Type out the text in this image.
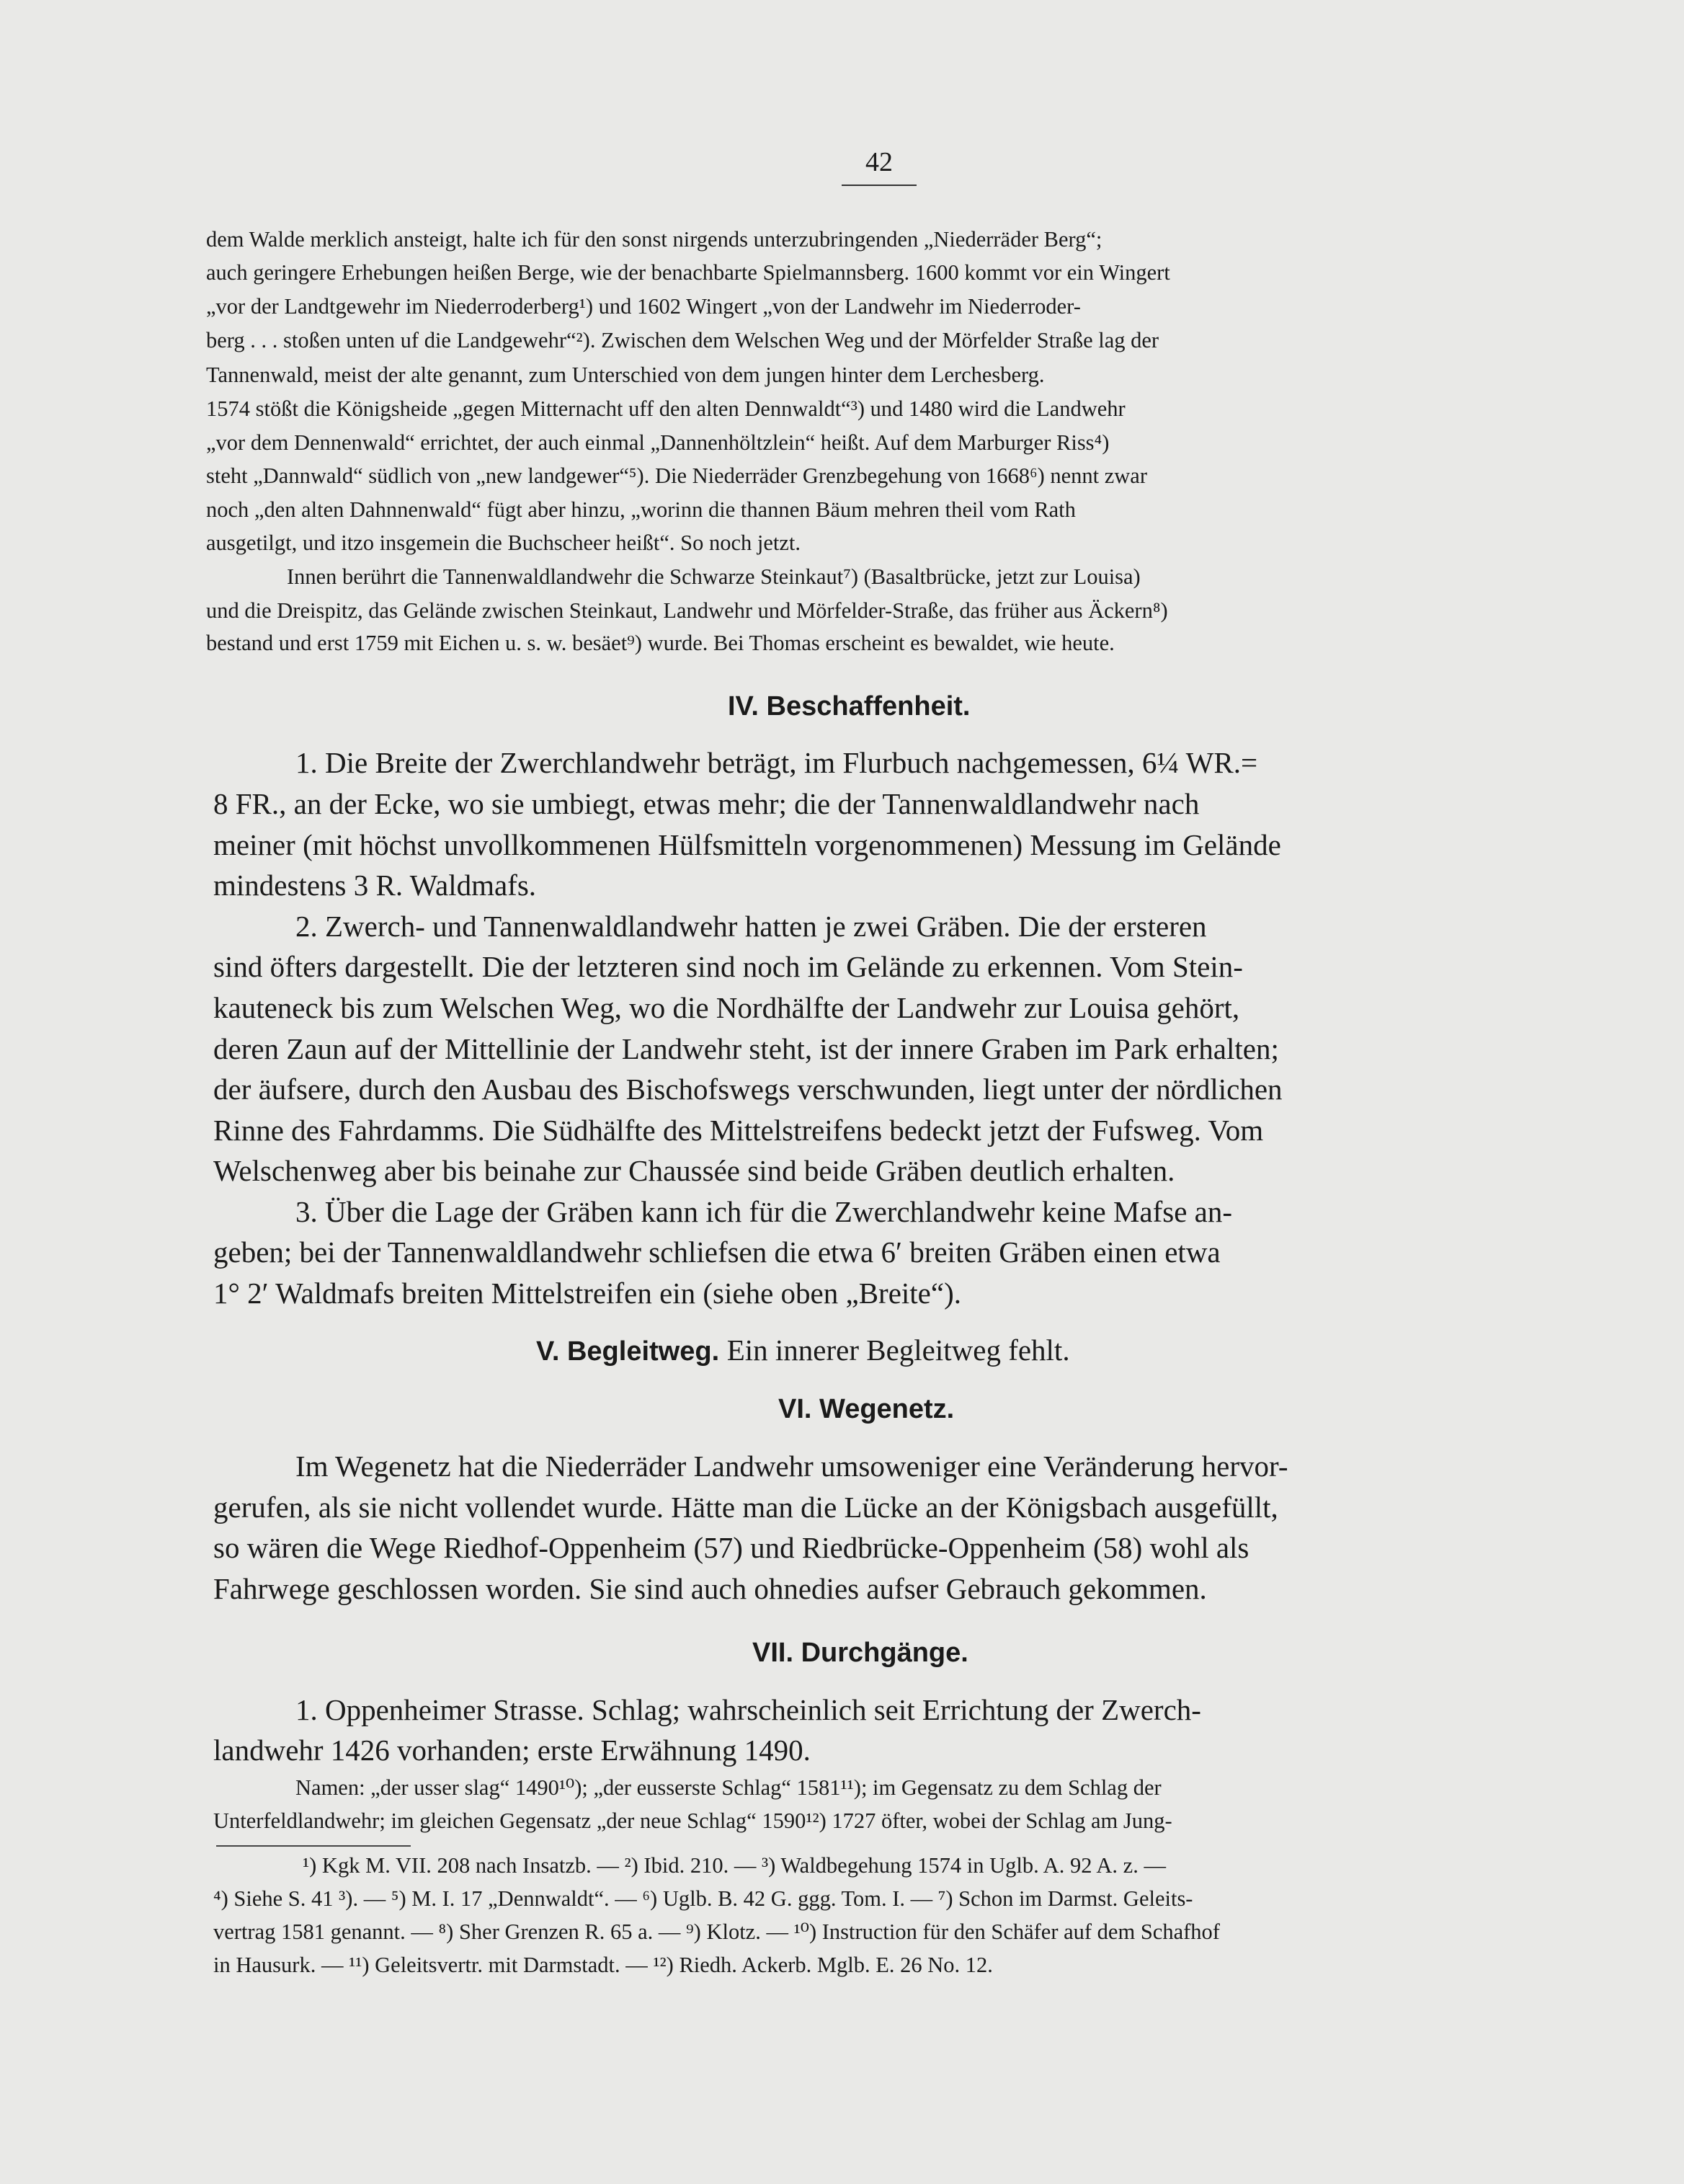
42

dem Walde merklich ansteigt, halte ich für den sonst nirgends unterzubringenden „Niederräder Berg“;

auch geringere Erhebungen heißen Berge, wie der benachbarte Spielmannsberg. 1600 kommt vor ein Wingert

„vor der Landtgewehr im Niederroderberg¹) und 1602 Wingert „von der Landwehr im Niederroder-

berg . . . stoßen unten uf die Landgewehr“²). Zwischen dem Welschen Weg und der Mörfelder Straße lag der

Tannenwald, meist der alte genannt, zum Unterschied von dem jungen hinter dem Lerchesberg.

1574 stößt die Königsheide „gegen Mitternacht uff den alten Dennwaldt“³) und 1480 wird die Landwehr

„vor dem Dennenwald“ errichtet, der auch einmal „Dannenhöltzlein“ heißt. Auf dem Marburger Riss⁴)

steht „Dannwald“ südlich von „new landgewer“⁵). Die Niederräder Grenzbegehung von 1668⁶) nennt zwar

noch „den alten Dahnnenwald“ fügt aber hinzu, „worinn die thannen Bäum mehren theil vom Rath

ausgetilgt, und itzo insgemein die Buchscheer heißt“. So noch jetzt.

Innen berührt die Tannenwaldlandwehr die Schwarze Steinkaut⁷) (Basaltbrücke, jetzt zur Louisa)

und die Dreispitz, das Gelände zwischen Steinkaut, Landwehr und Mörfelder-Straße, das früher aus Äckern⁸)

bestand und erst 1759 mit Eichen u. s. w. besäet⁹) wurde. Bei Thomas erscheint es bewaldet, wie heute.

IV. Beschaffenheit.

1. Die Breite der Zwerchlandwehr beträgt, im Flurbuch nachgemessen, 6¼ WR.=

8 FR., an der Ecke, wo sie umbiegt, etwas mehr; die der Tannenwaldlandwehr nach

meiner (mit höchst unvollkommenen Hülfsmitteln vorgenommenen) Messung im Gelände

mindestens 3 R. Waldmafs.

2. Zwerch- und Tannenwaldlandwehr hatten je zwei Gräben. Die der ersteren

sind öfters dargestellt. Die der letzteren sind noch im Gelände zu erkennen. Vom Stein-

kauteneck bis zum Welschen Weg, wo die Nordhälfte der Landwehr zur Louisa gehört,

deren Zaun auf der Mittellinie der Landwehr steht, ist der innere Graben im Park erhalten;

der äufsere, durch den Ausbau des Bischofswegs verschwunden, liegt unter der nördlichen

Rinne des Fahrdamms. Die Südhälfte des Mittelstreifens bedeckt jetzt der Fufsweg. Vom

Welschenweg aber bis beinahe zur Chaussée sind beide Gräben deutlich erhalten.

3. Über die Lage der Gräben kann ich für die Zwerchlandwehr keine Mafse an-

geben; bei der Tannenwaldlandwehr schliefsen die etwa 6′ breiten Gräben einen etwa

1° 2′ Waldmafs breiten Mittelstreifen ein (siehe oben „Breite“).

V. Begleitweg. Ein innerer Begleitweg fehlt.
VI. Wegenetz.

Im Wegenetz hat die Niederräder Landwehr umsoweniger eine Veränderung hervor-

gerufen, als sie nicht vollendet wurde. Hätte man die Lücke an der Königsbach ausgefüllt,

so wären die Wege Riedhof-Oppenheim (57) und Riedbrücke-Oppenheim (58) wohl als

Fahrwege geschlossen worden. Sie sind auch ohnedies aufser Gebrauch gekommen.

VII. Durchgänge.

1. Oppenheimer Strasse. Schlag; wahrscheinlich seit Errichtung der Zwerch-

landwehr 1426 vorhanden; erste Erwähnung 1490.

Namen: „der usser slag“ 1490¹⁰); „der eusserste Schlag“ 1581¹¹); im Gegensatz zu dem Schlag der

Unterfeldlandwehr; im gleichen Gegensatz „der neue Schlag“ 1590¹²) 1727 öfter, wobei der Schlag am Jung-

¹) Kgk M. VII. 208 nach Insatzb. — ²) Ibid. 210. — ³) Waldbegehung 1574 in Uglb. A. 92 A. z. —

⁴) Siehe S. 41 ³). — ⁵) M. I. 17 „Dennwaldt“. — ⁶) Uglb. B. 42 G. ggg. Tom. I. — ⁷) Schon im Darmst. Geleits-

vertrag 1581 genannt. — ⁸) Sher Grenzen R. 65 a. — ⁹) Klotz. — ¹⁰) Instruction für den Schäfer auf dem Schafhof

in Hausurk. — ¹¹) Geleitsvertr. mit Darmstadt. — ¹²) Riedh. Ackerb. Mglb. E. 26 No. 12.
